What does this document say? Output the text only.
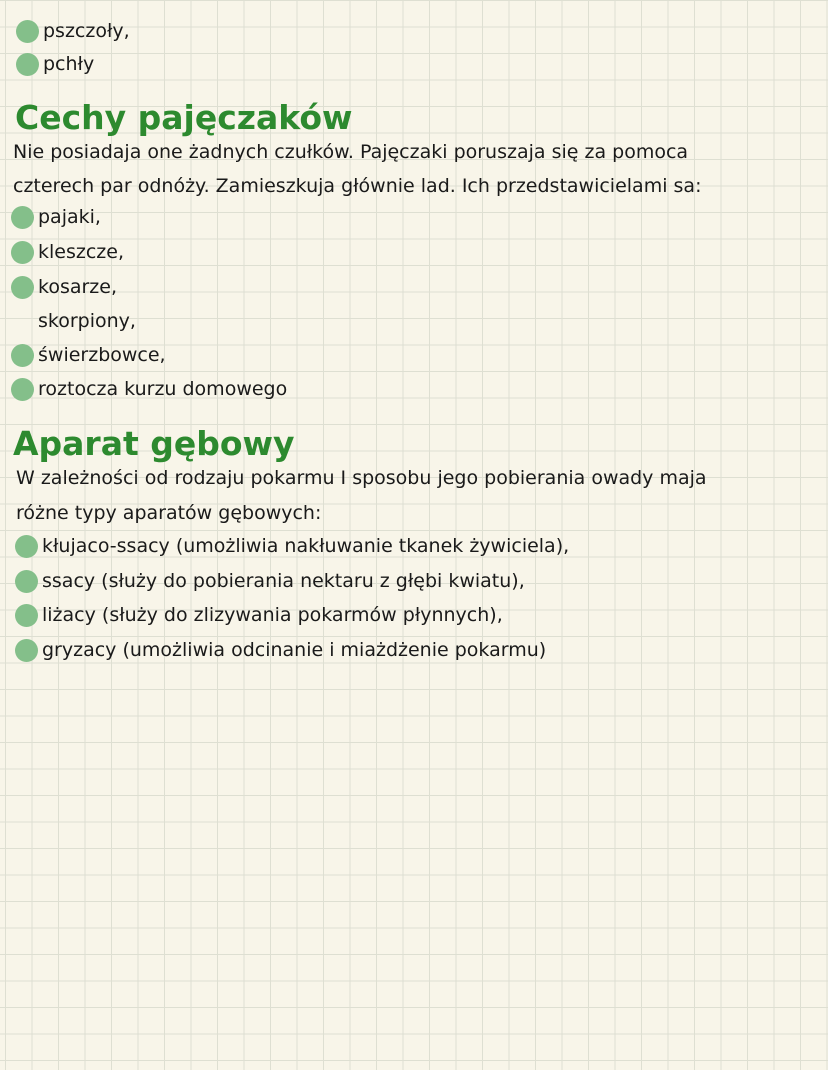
pszczoły,
pchły
Cechy pajęczaków

Nie posiadaja one żadnych czułków. Pajęczaki poruszaja się za pomoca

czterech par odnóży. Zamieszkuja głównie lad. Ich przedstawicielami sa:

pajaki,
kleszcze,
kosarze,
skorpiony,
świerzbowce,
roztocza kurzu domowego
Aparat gębowy

W zależności od rodzaju pokarmu I sposobu jego pobierania owady maja

różne typy aparatów gębowych:

kłujaco-ssacy (umożliwia nakłuwanie tkanek żywiciela),
ssacy (służy do pobierania nektaru z głębi kwiatu),
liżacy (służy do zlizywania pokarmów płynnych),
gryzacy (umożliwia odcinanie i miażdżenie pokarmu)
